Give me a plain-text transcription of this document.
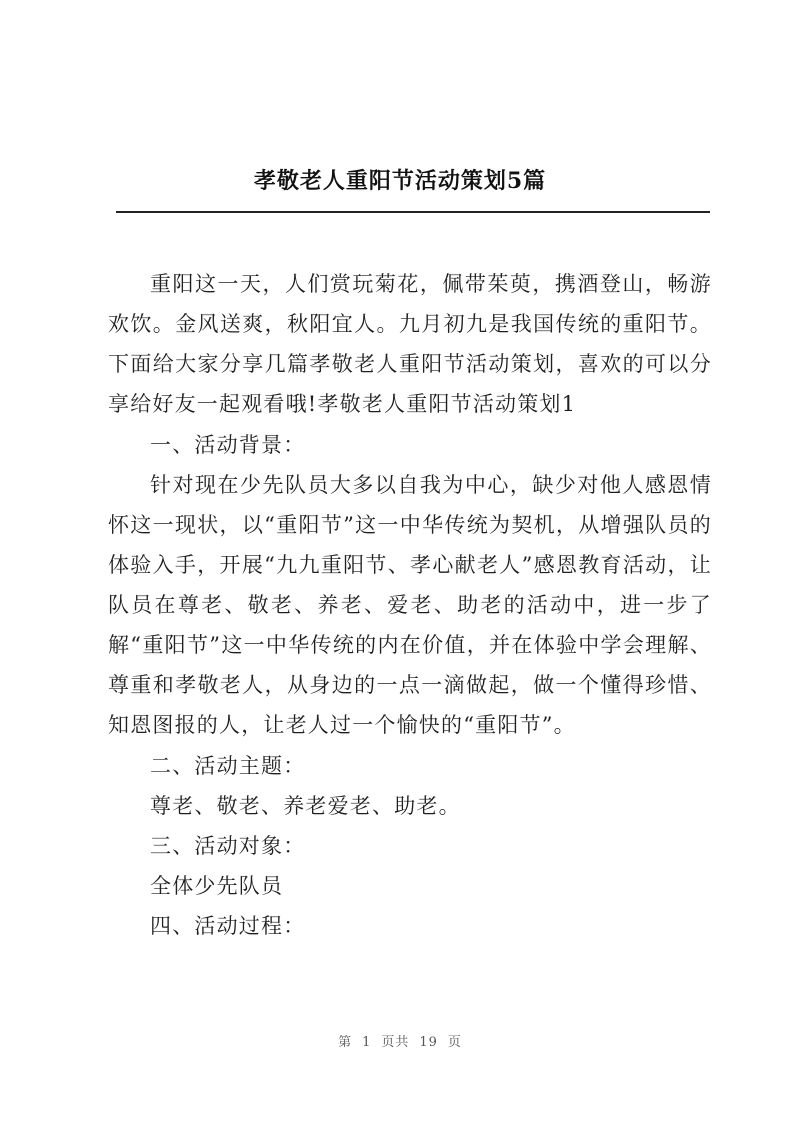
孝敬老人重阳节活动策划5篇

重阳这一天，人们赏玩菊花，佩带茱萸，携酒登山，畅游欢饮。金风送爽，秋阳宜人。九月初九是我国传统的重阳节。下面给大家分享几篇孝敬老人重阳节活动策划，喜欢的可以分享给好友一起观看哦!孝敬老人重阳节活动策划1

一、活动背景：

针对现在少先队员大多以自我为中心，缺少对他人感恩情怀这一现状，以“重阳节”这一中华传统为契机，从增强队员的体验入手，开展“九九重阳节、孝心献老人”感恩教育活动，让队员在尊老、敬老、养老、爱老、助老的活动中，进一步了解“重阳节”这一中华传统的内在价值，并在体验中学会理解、尊重和孝敬老人，从身边的一点一滴做起，做一个懂得珍惜、知恩图报的人，让老人过一个愉快的“重阳节”。

二、活动主题：

尊老、敬老、养老爱老、助老。

三、活动对象：

全体少先队员

四、活动过程：

第 1 页共 19 页
